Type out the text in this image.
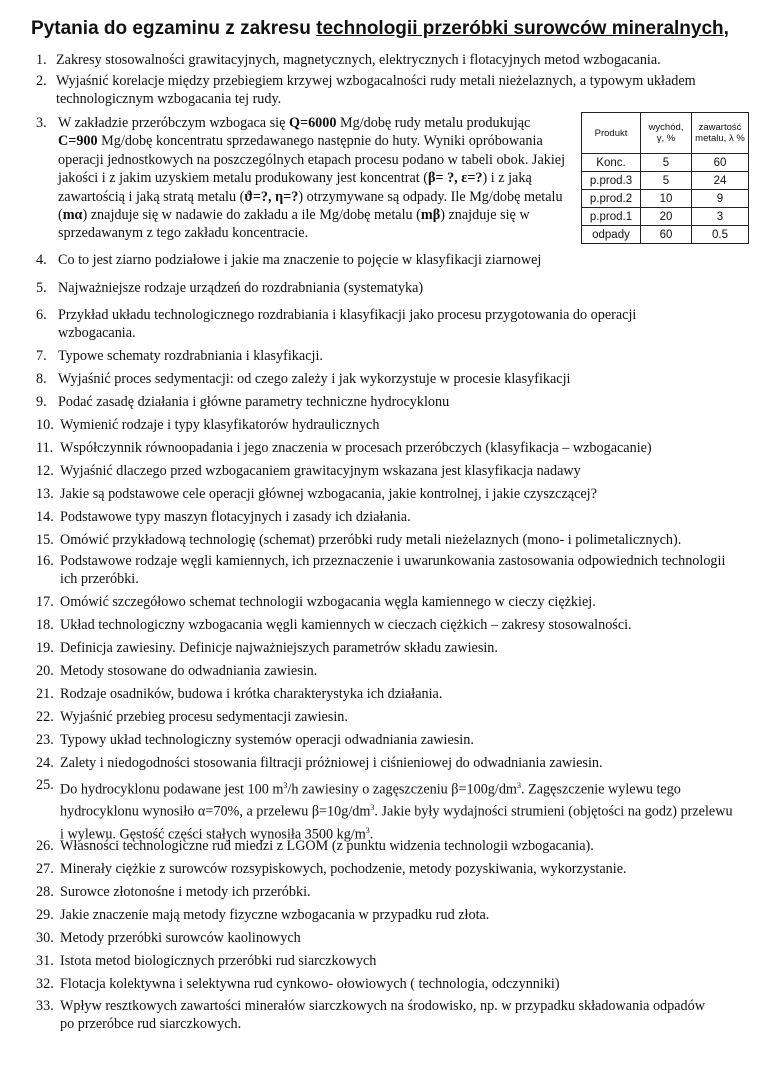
Pytania do egzaminu z zakresu technologii przeróbki surowców mineralnych,
1. Zakresy stosowalności grawitacyjnych, magnetycznych, elektrycznych i flotacyjnych metod wzbogacania.
2. Wyjaśnić korelacje między przebiegiem krzywej wzbogacalności rudy metali nieżelaznych, a typowym układem technologicznym wzbogacania tej rudy.
3. W zakładzie przeróbczym wzbogaca się Q=6000 Mg/dobę rudy metalu produkując
C=900 Mg/dobę koncentratu sprzedawanego następnie do huty. Wyniki opróbowania operacji jednostkowych na poszczególnych etapach procesu podano w tabeli obok. Jakiej jakości i z jakim uzyskiem metalu produkowany jest koncentrat (β= ?, ε=?) i z jaką zawartością i jaką stratą metalu (ϑ=?, η=?) otrzymywane są odpady. Ile Mg/dobę metalu (mα) znajduje się w nadawie do zakładu a ile Mg/dobę metalu (mβ) znajduje się w sprzedawanym z tego zakładu koncentracie.
Produkt	wychód, γ, %	zawartość metalu, λ %
Konc.	5	60
p.prod.3	5	24
p.prod.2	10	9
p.prod.1	20	3
odpady	60	0.5
4. Co to jest ziarno podziałowe i jakie ma znaczenie to pojęcie w klasyfikacji ziarnowej
5. Najważniejsze rodzaje urządzeń do rozdrabniania (systematyka)
6. Przykład układu technologicznego rozdrabiania i klasyfikacji jako procesu przygotowania do operacji wzbogacania.
7. Typowe schematy rozdrabniania i klasyfikacji.
8. Wyjaśnić proces sedymentacji: od czego zależy i jak wykorzystuje w procesie klasyfikacji
9. Podać zasadę działania i główne parametry techniczne hydrocyklonu
10. Wymienić rodzaje i typy klasyfikatorów hydraulicznych
11. Współczynnik równoopadania i jego znaczenia w procesach przeróbczych (klasyfikacja – wzbogacanie)
12. Wyjaśnić dlaczego przed wzbogacaniem grawitacyjnym wskazana jest klasyfikacja nadawy
13. Jakie są podstawowe cele operacji głównej wzbogacania, jakie kontrolnej, i jakie czyszczącej?
14. Podstawowe typy maszyn flotacyjnych i zasady ich działania.
15. Omówić przykładową technologię (schemat) przeróbki rudy metali nieżelaznych (mono- i polimetalicznych).
16. Podstawowe rodzaje węgli kamiennych, ich przeznaczenie i uwarunkowania zastosowania odpowiednich technologii ich przeróbki.
17. Omówić szczegółowo schemat technologii wzbogacania węgla kamiennego w cieczy ciężkiej.
18. Układ technologiczny wzbogacania węgli kamiennych w cieczach ciężkich – zakresy stosowalności.
19. Definicja zawiesiny. Definicje najważniejszych parametrów składu zawiesin.
20. Metody stosowane do odwadniania zawiesin.
21. Rodzaje osadników, budowa i krótka charakterystyka ich działania.
22. Wyjaśnić przebieg procesu sedymentacji zawiesin.
23. Typowy układ technologiczny systemów operacji odwadniania zawiesin.
24. Zalety i niedogodności stosowania filtracji próżniowej i ciśnieniowej do odwadniania zawiesin.
25. Do hydrocyklonu podawane jest 100 $m^3/h$ zawiesiny o zagęszczeniu $\beta=100g/dm^3$. Zagęszczenie wylewu tego hydrocyklonu wynosiło α=70%, a przelewu $\beta=10g/dm^3$. Jakie były wydajności strumieni (objętości na godz) przelewu i wylewu. Gęstość części stałych wynosiła 3500 $kg/m^3$.
26. Własności technologiczne rud miedzi z LGOM (z punktu widzenia technologii wzbogacania).
27. Minerały ciężkie z surowców rozsypiskowych, pochodzenie, metody pozyskiwania, wykorzystanie.
28. Surowce złotonośne i metody ich przeróbki.
29. Jakie znaczenie mają metody fizyczne wzbogacania w przypadku rud złota.
30. Metody przeróbki surowców kaolinowych
31. Istota metod biologicznych przeróbki rud siarczkowych
32. Flotacja kolektywna i selektywna rud cynkowo- ołowiowych ( technologia, odczynniki)
33. Wpływ resztkowych zawartości minerałów siarczkowych na środowisko, np. w przypadku składowania odpadów po przeróbce rud siarczkowych.
